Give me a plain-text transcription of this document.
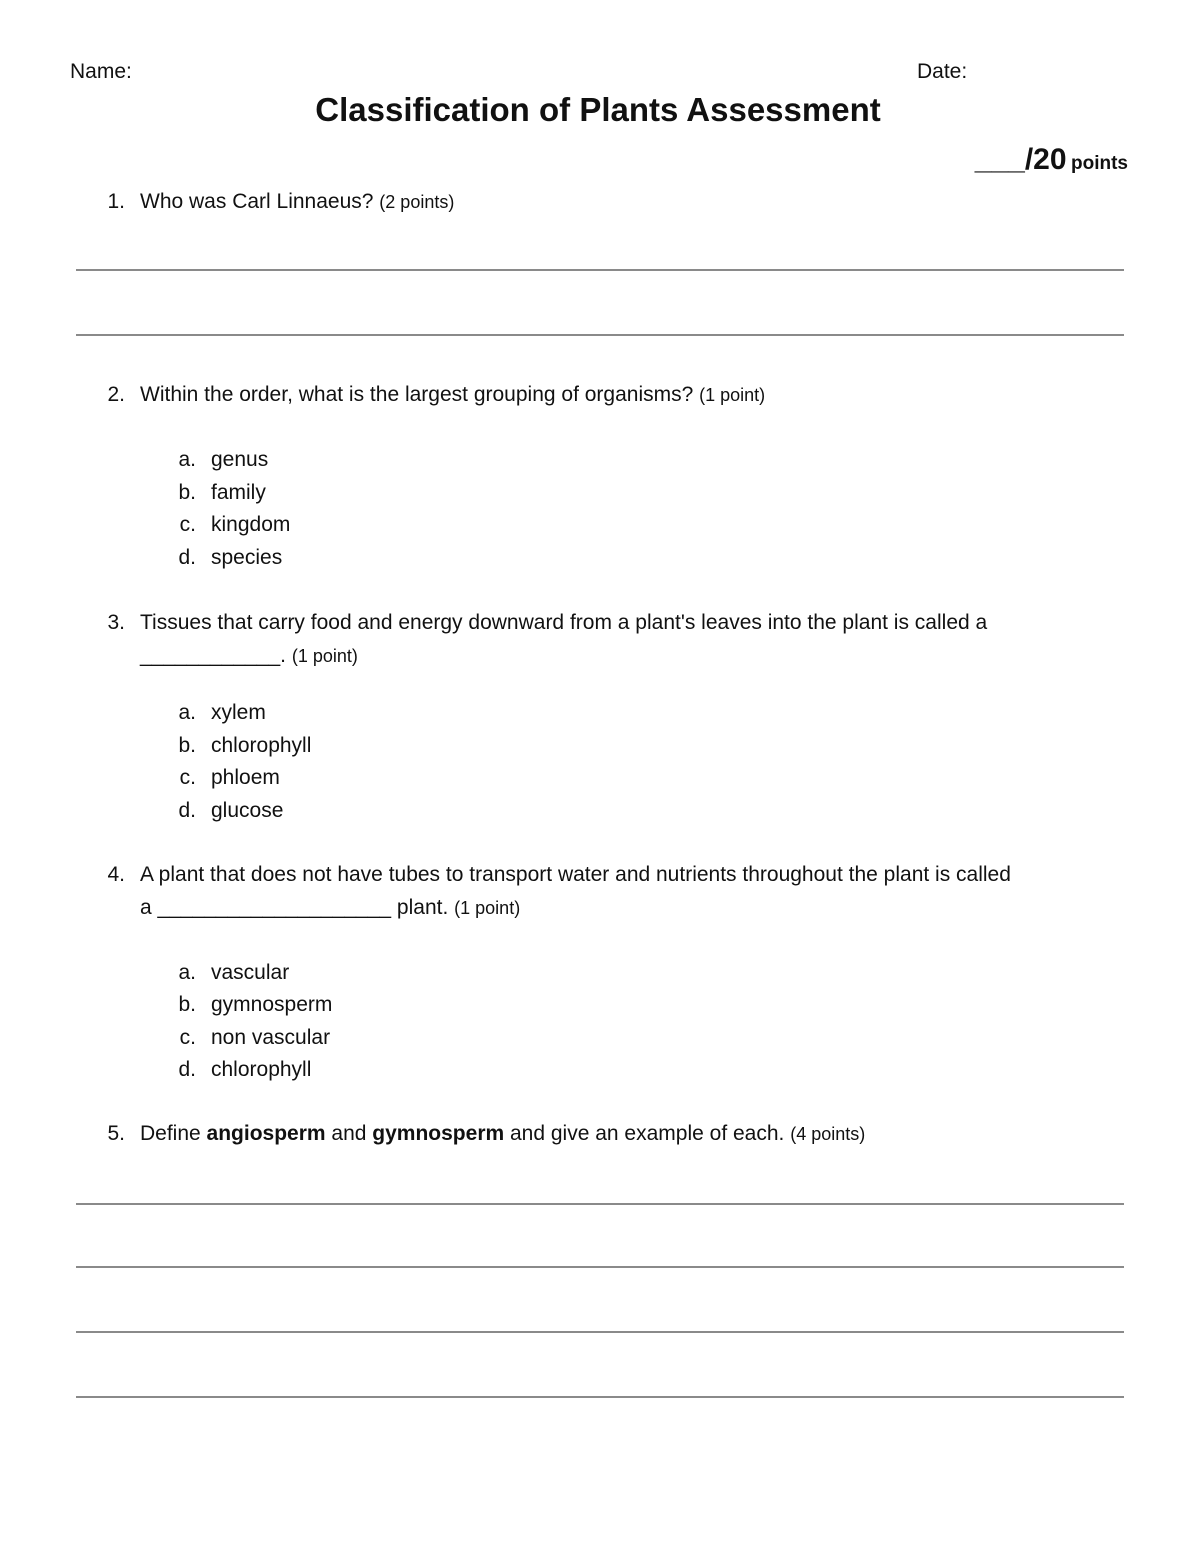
Name:	Date:
Classification of Plants Assessment
___/20 points
1. Who was Carl Linnaeus? (2 points)
2. Within the order, what is the largest grouping of organisms? (1 point)
a. genus
b. family
c. kingdom
d. species
3. Tissues that carry food and energy downward from a plant's leaves into the plant is called a
____________. (1 point)
a. xylem
b. chlorophyll
c. phloem
d. glucose
4. A plant that does not have tubes to transport water and nutrients throughout the plant is called
a ____________________ plant. (1 point)
a. vascular
b. gymnosperm
c. non vascular
d. chlorophyll
5. Define angiosperm and gymnosperm and give an example of each. (4 points)
